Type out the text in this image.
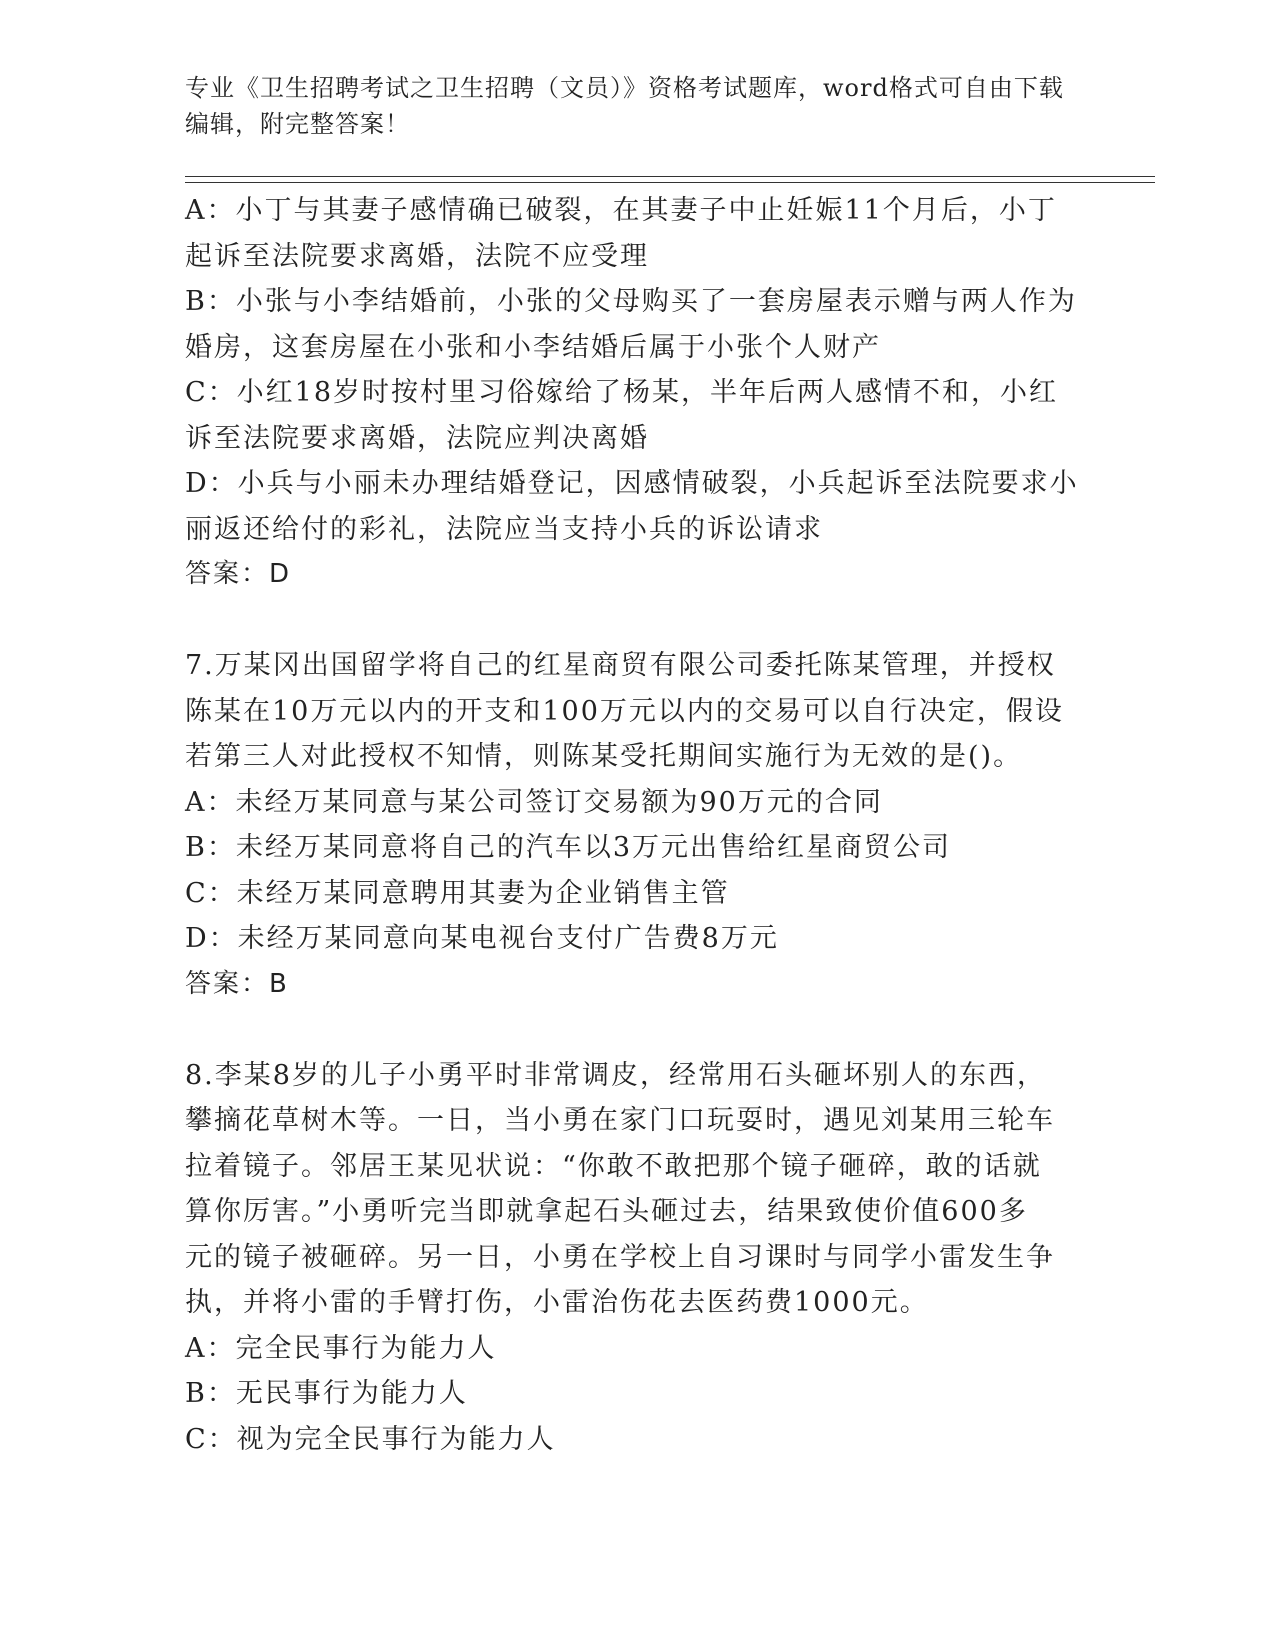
专业《卫生招聘考试之卫生招聘（文员）》资格考试题库，word格式可自由下载
编辑，附完整答案！

A：小丁与其妻子感情确已破裂，在其妻子中止妊娠11个月后，小丁

起诉至法院要求离婚，法院不应受理

B：小张与小李结婚前，小张的父母购买了一套房屋表示赠与两人作为

婚房，这套房屋在小张和小李结婚后属于小张个人财产

C：小红18岁时按村里习俗嫁给了杨某，半年后两人感情不和，小红

诉至法院要求离婚，法院应判决离婚

D：小兵与小丽未办理结婚登记，因感情破裂，小兵起诉至法院要求小

丽返还给付的彩礼，法院应当支持小兵的诉讼请求

答案：D

7.万某冈出国留学将自己的红星商贸有限公司委托陈某管理，并授权

陈某在10万元以内的开支和100万元以内的交易可以自行决定，假设

若第三人对此授权不知情，则陈某受托期间实施行为无效的是()。

A：未经万某同意与某公司签订交易额为90万元的合同

B：未经万某同意将自己的汽车以3万元出售给红星商贸公司

C：未经万某同意聘用其妻为企业销售主管

D：未经万某同意向某电视台支付广告费8万元

答案：B

8.李某8岁的儿子小勇平时非常调皮，经常用石头砸坏别人的东西，

攀摘花草树木等。一日，当小勇在家门口玩耍时，遇见刘某用三轮车

拉着镜子。邻居王某见状说：“你敢不敢把那个镜子砸碎，敢的话就

算你厉害。”小勇听完当即就拿起石头砸过去，结果致使价值600多

元的镜子被砸碎。另一日，小勇在学校上自习课时与同学小雷发生争

执，并将小雷的手臂打伤，小雷治伤花去医药费1000元。

A：完全民事行为能力人

B：无民事行为能力人

C：视为完全民事行为能力人
